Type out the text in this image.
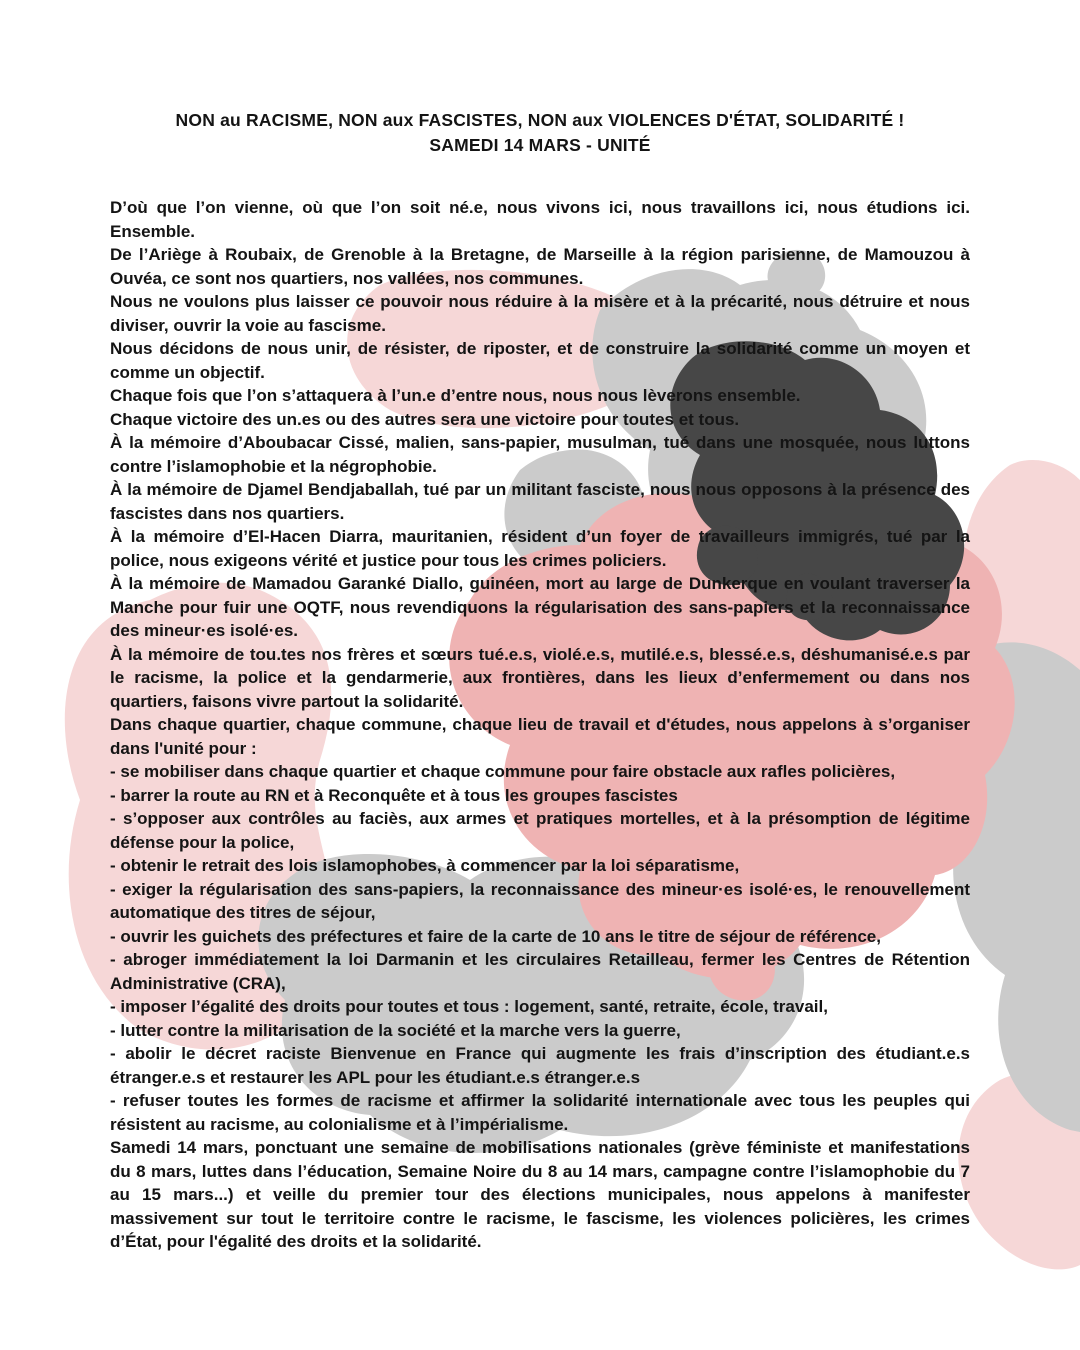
NON au RACISME, NON aux FASCISTES, NON aux VIOLENCES D'ÉTAT, SOLIDARITÉ !
SAMEDI 14 MARS - UNITÉ

D’où que l’on vienne, où que l’on soit né.e, nous vivons ici, nous travaillons ici, nous étudions ici. Ensemble.

De l’Ariège à Roubaix, de Grenoble à la Bretagne, de Marseille à la région parisienne, de Mamouzou à Ouvéa, ce sont nos quartiers, nos vallées, nos communes.

Nous ne voulons plus laisser ce pouvoir nous réduire à la misère et à la précarité, nous détruire et nous diviser, ouvrir la voie au fascisme.

Nous décidons de nous unir, de résister, de riposter, et de construire la solidarité comme un moyen et comme un objectif.

Chaque fois que l’on s’attaquera à l’un.e d’entre nous, nous nous lèverons ensemble.

Chaque victoire des un.es ou des autres sera une victoire pour toutes et tous.

À la mémoire d’Aboubacar Cissé, malien, sans-papier, musulman, tué dans une mosquée, nous luttons contre l’islamophobie et la négrophobie.

À la mémoire de Djamel Bendjaballah, tué par un militant fasciste, nous nous opposons à la présence des fascistes dans nos quartiers.

À la mémoire d’El-Hacen Diarra, mauritanien, résident d’un foyer de travailleurs immigrés, tué par la police, nous exigeons vérité et justice pour tous les crimes policiers.

À la mémoire de Mamadou Garanké Diallo, guinéen, mort au large de Dunkerque en voulant traverser la Manche pour fuir une OQTF, nous revendiquons la régularisation des sans-papiers et la reconnaissance des mineur·es isolé·es.

À la mémoire de tou.tes nos frères et sœurs tué.e.s, violé.e.s, mutilé.e.s, blessé.e.s, déshumanisé.e.s par le racisme, la police et la gendarmerie, aux frontières, dans les lieux d’enfermement ou dans nos quartiers, faisons vivre partout la solidarité.

Dans chaque quartier, chaque commune, chaque lieu de travail et d'études, nous appelons à s’organiser dans l'unité pour :

- se mobiliser dans chaque quartier et chaque commune pour faire obstacle aux rafles policières,

- barrer la route au RN et à Reconquête et à tous les groupes fascistes

- s’opposer aux contrôles au faciès, aux armes et pratiques mortelles, et à la présomption de légitime défense pour la police,

- obtenir le retrait des lois islamophobes, à commencer par la loi séparatisme,

- exiger la régularisation des sans-papiers, la reconnaissance des mineur·es isolé·es, le renouvellement automatique des titres de séjour,

- ouvrir les guichets des préfectures et faire de la carte de 10 ans le titre de séjour de référence,

- abroger immédiatement la loi Darmanin et les circulaires Retailleau, fermer les Centres de Rétention Administrative (CRA),

- imposer l’égalité des droits pour toutes et tous : logement, santé, retraite, école, travail,

- lutter contre la militarisation de la société et la marche vers la guerre,

- abolir le décret raciste Bienvenue en France qui augmente les frais d’inscription des étudiant.e.s étranger.e.s et restaurer les APL pour les étudiant.e.s étranger.e.s

- refuser toutes les formes de racisme et affirmer la solidarité internationale avec tous les peuples qui résistent au racisme, au colonialisme et à l’impérialisme.

Samedi 14 mars, ponctuant une semaine de mobilisations nationales (grève féministe et manifestations du 8 mars, luttes dans l’éducation, Semaine Noire du 8 au 14 mars, campagne contre l’islamophobie du 7 au 15 mars...) et veille du premier tour des élections municipales, nous appelons à manifester massivement sur tout le territoire contre le racisme, le fascisme, les violences policières, les crimes d’État, pour l'égalité des droits et la solidarité.
